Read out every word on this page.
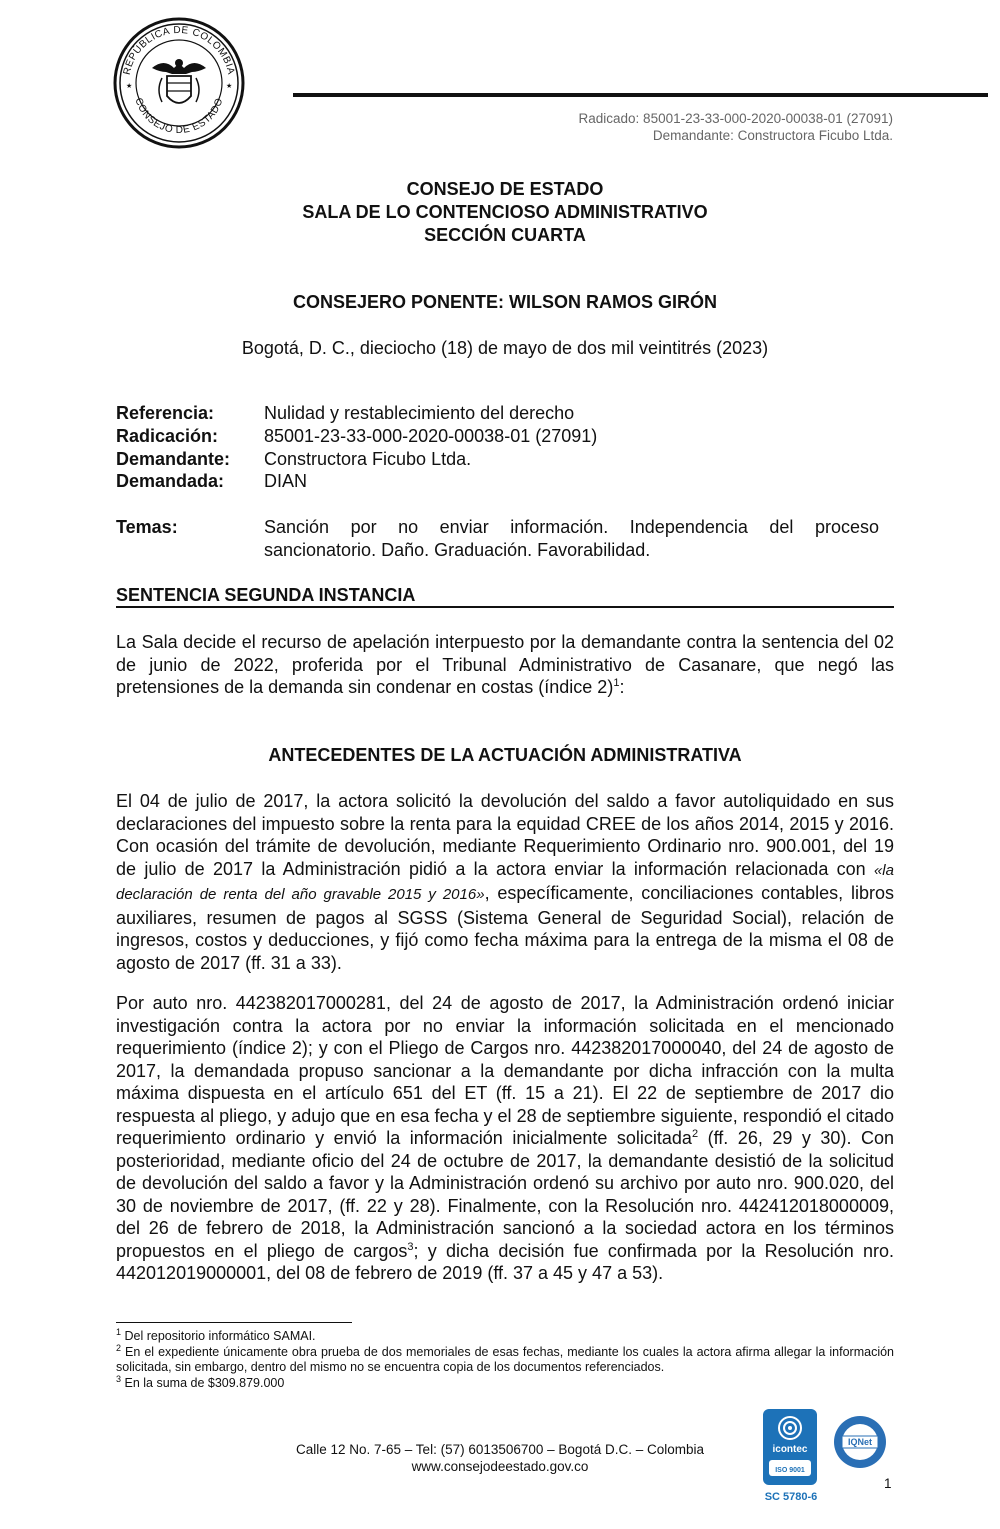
REPÚBLICA DE COLOMBIA
CONSEJO DE ESTADO
★	★
Radicado: 85001-23-33-000-2020-00038-01 (27091)
Demandante: Constructora Ficubo Ltda.
CONSEJO DE ESTADO
SALA DE LO CONTENCIOSO ADMINISTRATIVO
SECCIÓN CUARTA
CONSEJERO PONENTE: WILSON RAMOS GIRÓN
Bogotá, D. C., dieciocho (18) de mayo de dos mil veintitrés (2023)
Referencia:	Nulidad y restablecimiento del derecho
Radicación:	85001-23-33-000-2020-00038-01 (27091)
Demandante: Constructora Ficubo Ltda.
Demandada: DIAN
Temas:	Sanción por no enviar información. Independencia del proceso sancionatorio. Daño. Graduación. Favorabilidad.
SENTENCIA SEGUNDA INSTANCIA
La Sala decide el recurso de apelación interpuesto por la demandante contra la sentencia del 02 de junio de 2022, proferida por el Tribunal Administrativo de Casanare, que negó las pretensiones de la demanda sin condenar en costas (índice 2)$^1$:
ANTECEDENTES DE LA ACTUACIÓN ADMINISTRATIVA
El 04 de julio de 2017, la actora solicitó la devolución del saldo a favor autoliquidado en sus declaraciones del impuesto sobre la renta para la equidad CREE de los años 2014, 2015 y 2016. Con ocasión del trámite de devolución, mediante Requerimiento Ordinario nro. 900.001, del 19 de julio de 2017 la Administración pidió a la actora enviar la información relacionada con «la declaración de renta del año gravable 2015 y 2016», específicamente, conciliaciones contables, libros auxiliares, resumen de pagos al SGSS (Sistema General de Seguridad Social), relación de ingresos, costos y deducciones, y fijó como fecha máxima para la entrega de la misma el 08 de agosto de 2017 (ff. 31 a 33).
Por auto nro. 442382017000281, del 24 de agosto de 2017, la Administración ordenó iniciar investigación contra la actora por no enviar la información solicitada en el mencionado requerimiento (índice 2); y con el Pliego de Cargos nro. 442382017000040, del 24 de agosto de 2017, la demandada propuso sancionar a la demandante por dicha infracción con la multa máxima dispuesta en el artículo 651 del ET (ff. 15 a 21). El 22 de septiembre de 2017 dio respuesta al pliego, y adujo que en esa fecha y el 28 de septiembre siguiente, respondió el citado requerimiento ordinario y envió la información inicialmente solicitada$^2$ (ff. 26, 29 y 30). Con posterioridad, mediante oficio del 24 de octubre de 2017, la demandante desistió de la solicitud de devolución del saldo a favor y la Administración ordenó su archivo por auto nro. 900.020, del 30 de noviembre de 2017, (ff. 22 y 28). Finalmente, con la Resolución nro. 442412018000009, del 26 de febrero de 2018, la Administración sancionó a la sociedad actora en los términos propuestos en el pliego de cargos$^3$; y dicha decisión fue confirmada por la Resolución nro. 442012019000001, del 08 de febrero de 2019 (ff. 37 a 45 y 47 a 53).
$^1$ Del repositorio informático SAMAI.
$^2$ En el expediente únicamente obra prueba de dos memoriales de esas fechas, mediante los cuales la actora afirma allegar la información solicitada, sin embargo, dentro del mismo no se encuentra copia de los documentos referenciados.
$^3$ En la suma de $309.879.000
Calle 12 No. 7-65 – Tel: (57) 6013506700 – Bogotá D.C. – Colombia
www.consejodeestado.gov.co
icontec
ISO 9001
SC 5780-6
IQNet
1
